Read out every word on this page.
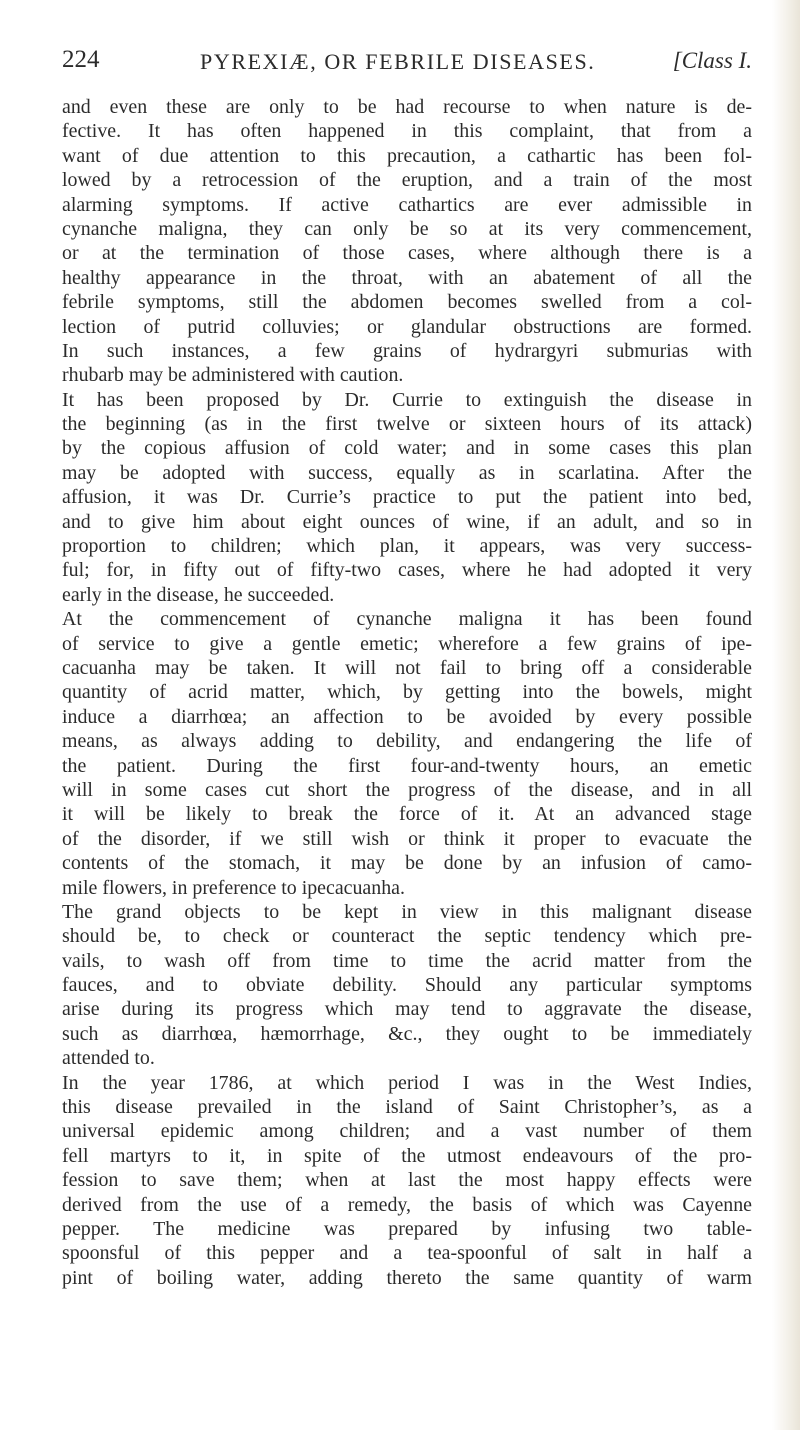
224	PYREXIÆ, OR FEBRILE DISEASES.	[Class I.
and even these are only to be had recourse to when nature is de-
fective. It has often happened in this complaint, that from a
want of due attention to this precaution, a cathartic has been fol-
lowed by a retrocession of the eruption, and a train of the most
alarming symptoms. If active cathartics are ever admissible in
cynanche maligna, they can only be so at its very commencement,
or at the termination of those cases, where although there is a
healthy appearance in the throat, with an abatement of all the
febrile symptoms, still the abdomen becomes swelled from a col-
lection of putrid colluvies; or glandular obstructions are formed.
In such instances, a few grains of hydrargyri submurias with
rhubarb may be administered with caution.
It has been proposed by Dr. Currie to extinguish the disease in
the beginning (as in the first twelve or sixteen hours of its attack)
by the copious affusion of cold water; and in some cases this plan
may be adopted with success, equally as in scarlatina. After the
affusion, it was Dr. Currie’s practice to put the patient into bed,
and to give him about eight ounces of wine, if an adult, and so in
proportion to children; which plan, it appears, was very success-
ful; for, in fifty out of fifty-two cases, where he had adopted it very
early in the disease, he succeeded.
At the commencement of cynanche maligna it has been found
of service to give a gentle emetic; wherefore a few grains of ipe-
cacuanha may be taken. It will not fail to bring off a considerable
quantity of acrid matter, which, by getting into the bowels, might
induce a diarrhœa; an affection to be avoided by every possible
means, as always adding to debility, and endangering the life of
the patient. During the first four-and-twenty hours, an emetic
will in some cases cut short the progress of the disease, and in all
it will be likely to break the force of it. At an advanced stage
of the disorder, if we still wish or think it proper to evacuate the
contents of the stomach, it may be done by an infusion of camo-
mile flowers, in preference to ipecacuanha.
The grand objects to be kept in view in this malignant disease
should be, to check or counteract the septic tendency which pre-
vails, to wash off from time to time the acrid matter from the
fauces, and to obviate debility. Should any particular symptoms
arise during its progress which may tend to aggravate the disease,
such as diarrhœa, hæmorrhage, &c., they ought to be immediately
attended to.
In the year 1786, at which period I was in the West Indies,
this disease prevailed in the island of Saint Christopher’s, as a
universal epidemic among children; and a vast number of them
fell martyrs to it, in spite of the utmost endeavours of the pro-
fession to save them; when at last the most happy effects were
derived from the use of a remedy, the basis of which was Cayenne
pepper. The medicine was prepared by infusing two table-
spoonsful of this pepper and a tea-spoonful of salt in half a
pint of boiling water, adding thereto the same quantity of warm
